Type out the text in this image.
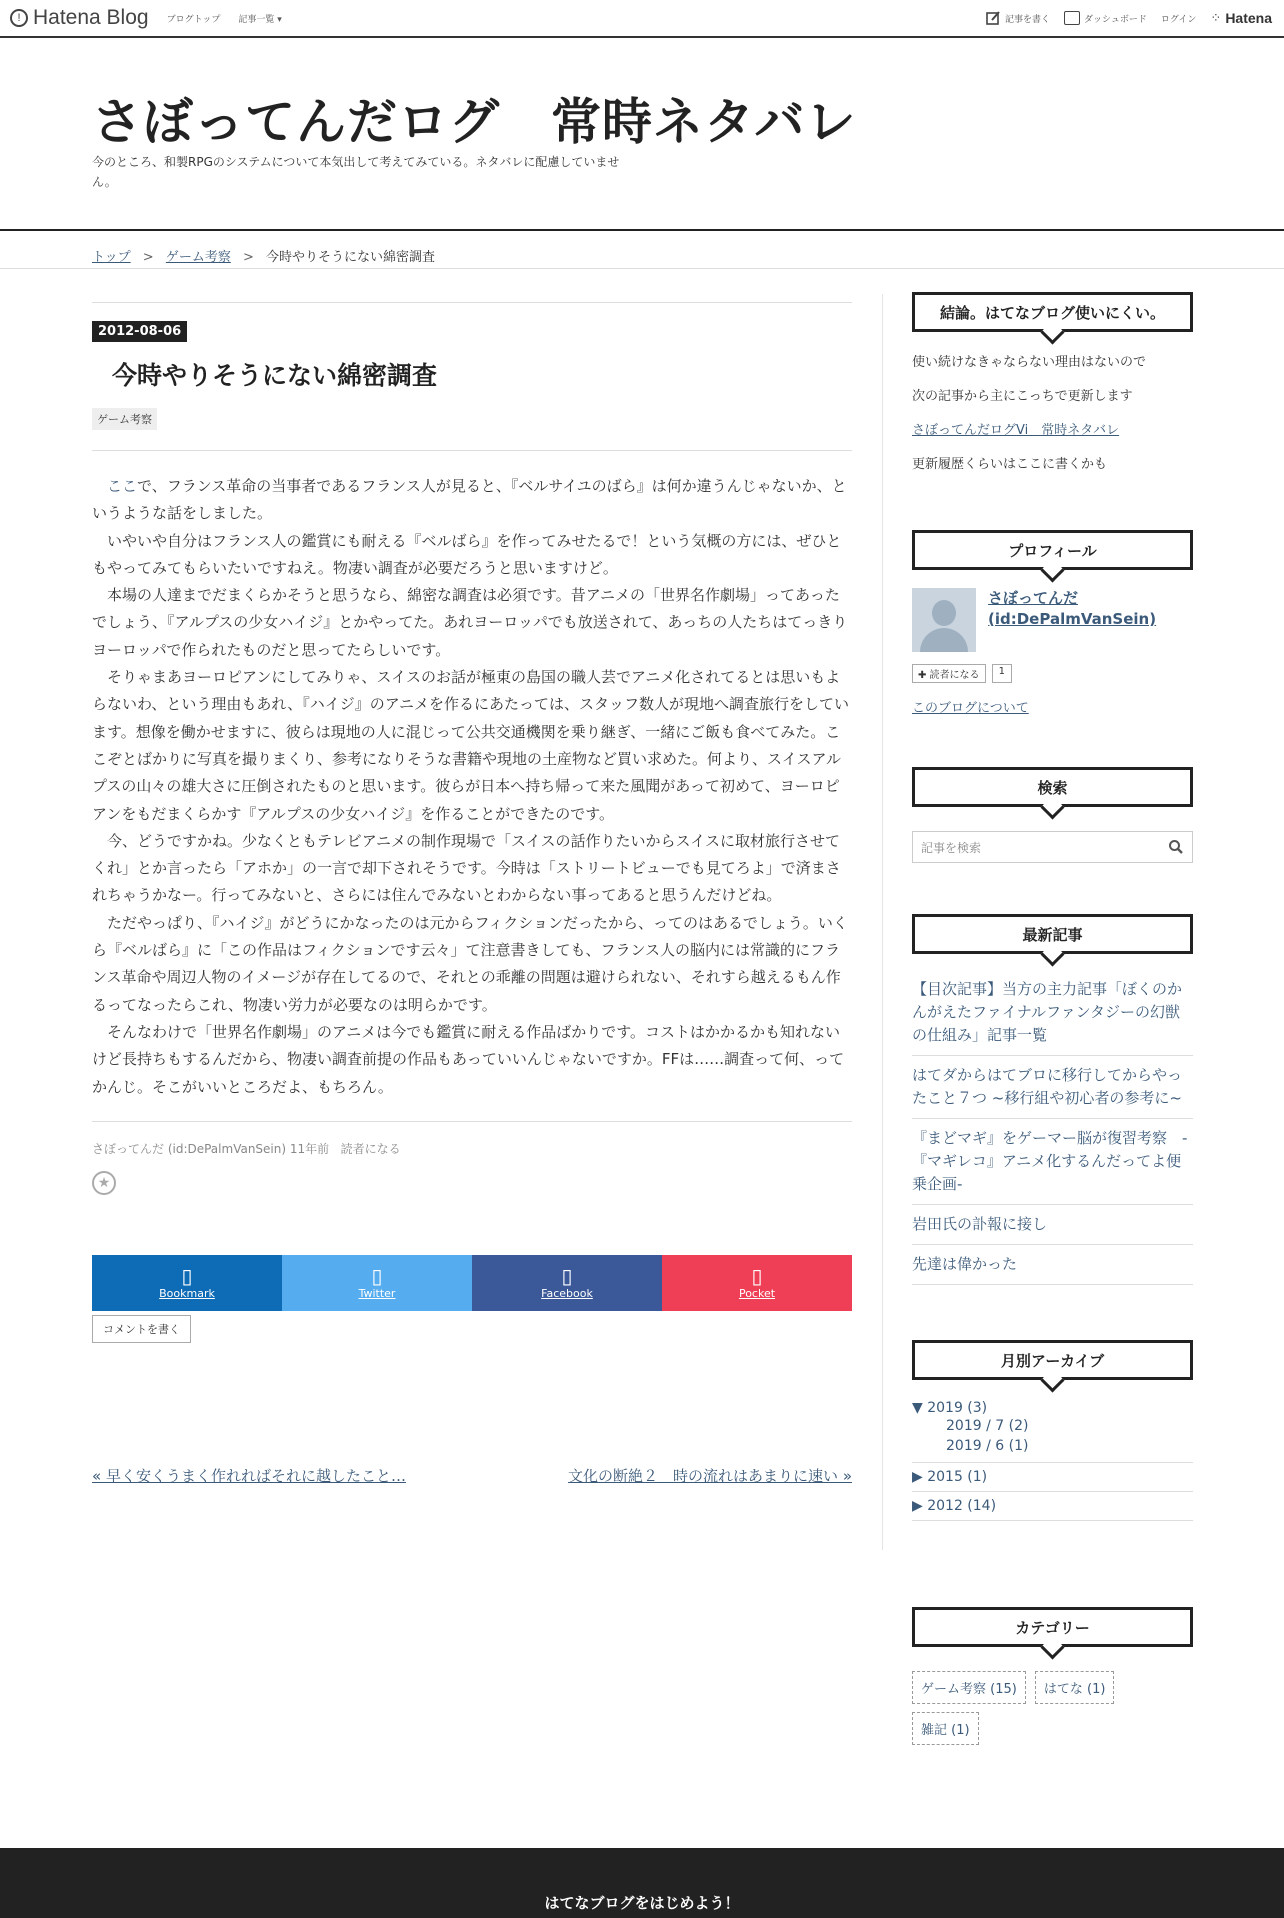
! Hatena Blog ブログトップ 記事一覧 ▾	記事を書く	ダッシュボード ログイン ⁘ Hatena
さぼってんだログ　常時ネタバレ

今のところ、和製RPGのシステムについて本気出して考えてみている。ネタバレに配慮していません。

トップ > ゲーム考察 > 今時やりそうにない綿密調査
2012-08-06
今時やりそうにない綿密調査
ゲーム考察

ここで、フランス革命の当事者であるフランス人が見ると、『ベルサイユのばら』は何か違うんじゃないか、というような話をしました。

いやいや自分はフランス人の鑑賞にも耐える『ベルばら』を作ってみせたるで！という気概の方には、ぜひともやってみてもらいたいですねえ。物凄い調査が必要だろうと思いますけど。

本場の人達までだまくらかそうと思うなら、綿密な調査は必須です。昔アニメの「世界名作劇場」ってあったでしょう、『アルプスの少女ハイジ』とかやってた。あれヨーロッパでも放送されて、あっちの人たちはてっきりヨーロッパで作られたものだと思ってたらしいです。

そりゃまあヨーロピアンにしてみりゃ、スイスのお話が極東の島国の職人芸でアニメ化されてるとは思いもよらないわ、という理由もあれ、『ハイジ』のアニメを作るにあたっては、スタッフ数人が現地へ調査旅行をしています。想像を働かせますに、彼らは現地の人に混じって公共交通機関を乗り継ぎ、一緒にご飯も食べてみた。ここぞとばかりに写真を撮りまくり、参考になりそうな書籍や現地の土産物など買い求めた。何より、スイスアルプスの山々の雄大さに圧倒されたものと思います。彼らが日本へ持ち帰って来た風聞があって初めて、ヨーロピアンをもだまくらかす『アルプスの少女ハイジ』を作ることができたのです。

今、どうですかね。少なくともテレビアニメの制作現場で「スイスの話作りたいからスイスに取材旅行させてくれ」とか言ったら「アホか」の一言で却下されそうです。今時は「ストリートビューでも見てろよ」で済まされちゃうかなー。行ってみないと、さらには住んでみないとわからない事ってあると思うんだけどね。

ただやっぱり、『ハイジ』がどうにかなったのは元からフィクションだったから、ってのはあるでしょう。いくら『ベルばら』に「この作品はフィクションです云々」て注意書きしても、フランス人の脳内には常識的にフランス革命や周辺人物のイメージが存在してるので、それとの乖離の問題は避けられない、それすら越えるもん作るってなったらこれ、物凄い労力が必要なのは明らかです。

そんなわけで「世界名作劇場」のアニメは今でも鑑賞に耐える作品ばかりです。コストはかかるかも知れないけど長持ちもするんだから、物凄い調査前提の作品もあっていいんじゃないですか。FFは……調査って何、ってかんじ。そこがいいところだよ、もちろん。

さぼってんだ (id:DePalmVanSein) 11年前 読者になる
★
▯
Bookmark
▯
Twitter
▯
Facebook
▯
Pocket
コメントを書く
« 早く安くうまく作れればそれに越したこと…	文化の断絶２　時の流れはあまりに速い »
結論。はてなブログ使いにくい。
使い続けなきゃならない理由はないので
次の記事から主にこっちで更新します
さぼってんだログVi　常時ネタバレ
更新履歴くらいはここに書くかも
プロフィール
さぼってんだ
(id:DePalmVanSein)
✚ 読者になる	1
このブログについて
検索
記事を検索
最新記事
【目次記事】当方の主力記事「ぼくのかんがえたファイナルファンタジーの幻獣の仕組み」記事一覧
はてダからはてブロに移行してからやったこと７つ ~移行組や初心者の参考に~
『まどマギ』をゲーマー脳が復習考察　-『マギレコ』アニメ化するんだってよ便乗企画-
岩田氏の訃報に接し
先達は偉かった
月別アーカイブ
▼ 2019 (3)
2019 / 7 (2)
2019 / 6 (1)
▶ 2015 (1)
▶ 2012 (14)
カテゴリー
ゲーム考察 (15) はてな (1) 雑記 (1)
はてなブログをはじめよう！
